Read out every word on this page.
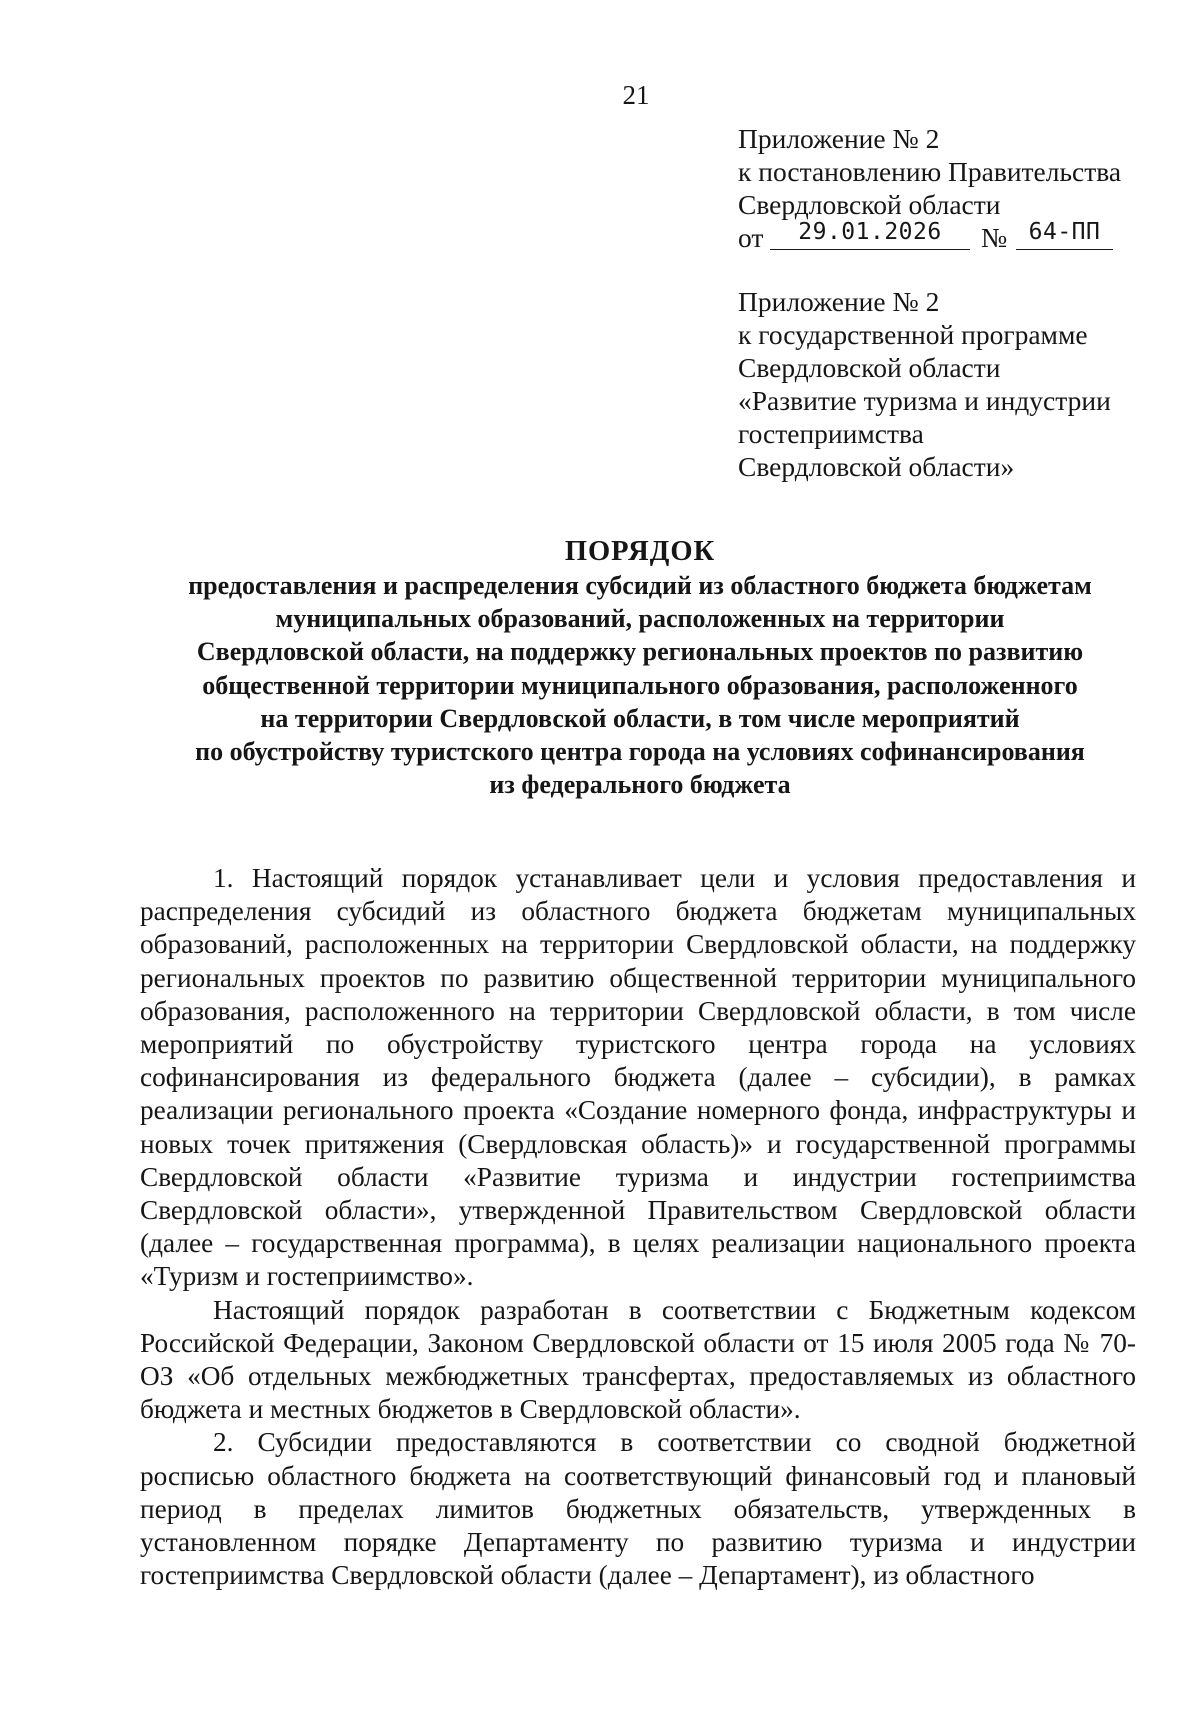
21
Приложение № 2
к постановлению Правительства
Свердловской области
от	29.01.2026	№ 64-ПП
Приложение № 2
к государственной программе
Свердловской области
«Развитие туризма и индустрии
гостеприимства
Свердловской области»
ПОРЯДОК
предоставления и распределения субсидий из областного бюджета бюджетам
муниципальных образований, расположенных на территории
Свердловской области, на поддержку региональных проектов по развитию
общественной территории муниципального образования, расположенного
на территории Свердловской области, в том числе мероприятий
по обустройству туристского центра города на условиях софинансирования
из федерального бюджета

1. Настоящий порядок устанавливает цели и условия предоставления и распределения субсидий из областного бюджета бюджетам муниципальных образований, расположенных на территории Свердловской области, на поддержку региональных проектов по развитию общественной территории муниципального образования, расположенного на территории Свердловской области, в том числе мероприятий по обустройству туристского центра города на условиях софинансирования из федерального бюджета (далее – субсидии), в рамках реализации регионального проекта «Создание номерного фонда, инфраструктуры и новых точек притяжения (Свердловская область)» и государственной программы Свердловской области «Развитие туризма и индустрии гостеприимства Свердловской области», утвержденной Правительством Свердловской области (далее – государственная программа), в целях реализации национального проекта «Туризм и гостеприимство».

Настоящий порядок разработан в соответствии с Бюджетным кодексом Российской Федерации, Законом Свердловской области от 15 июля 2005 года № 70-ОЗ «Об отдельных межбюджетных трансфертах, предоставляемых из областного бюджета и местных бюджетов в Свердловской области».

2. Субсидии предоставляются в соответствии со сводной бюджетной росписью областного бюджета на соответствующий финансовый год и плановый период в пределах лимитов бюджетных обязательств, утвержденных в установленном порядке Департаменту по развитию туризма и индустрии гостеприимства Свердловской области (далее – Департамент), из областного
